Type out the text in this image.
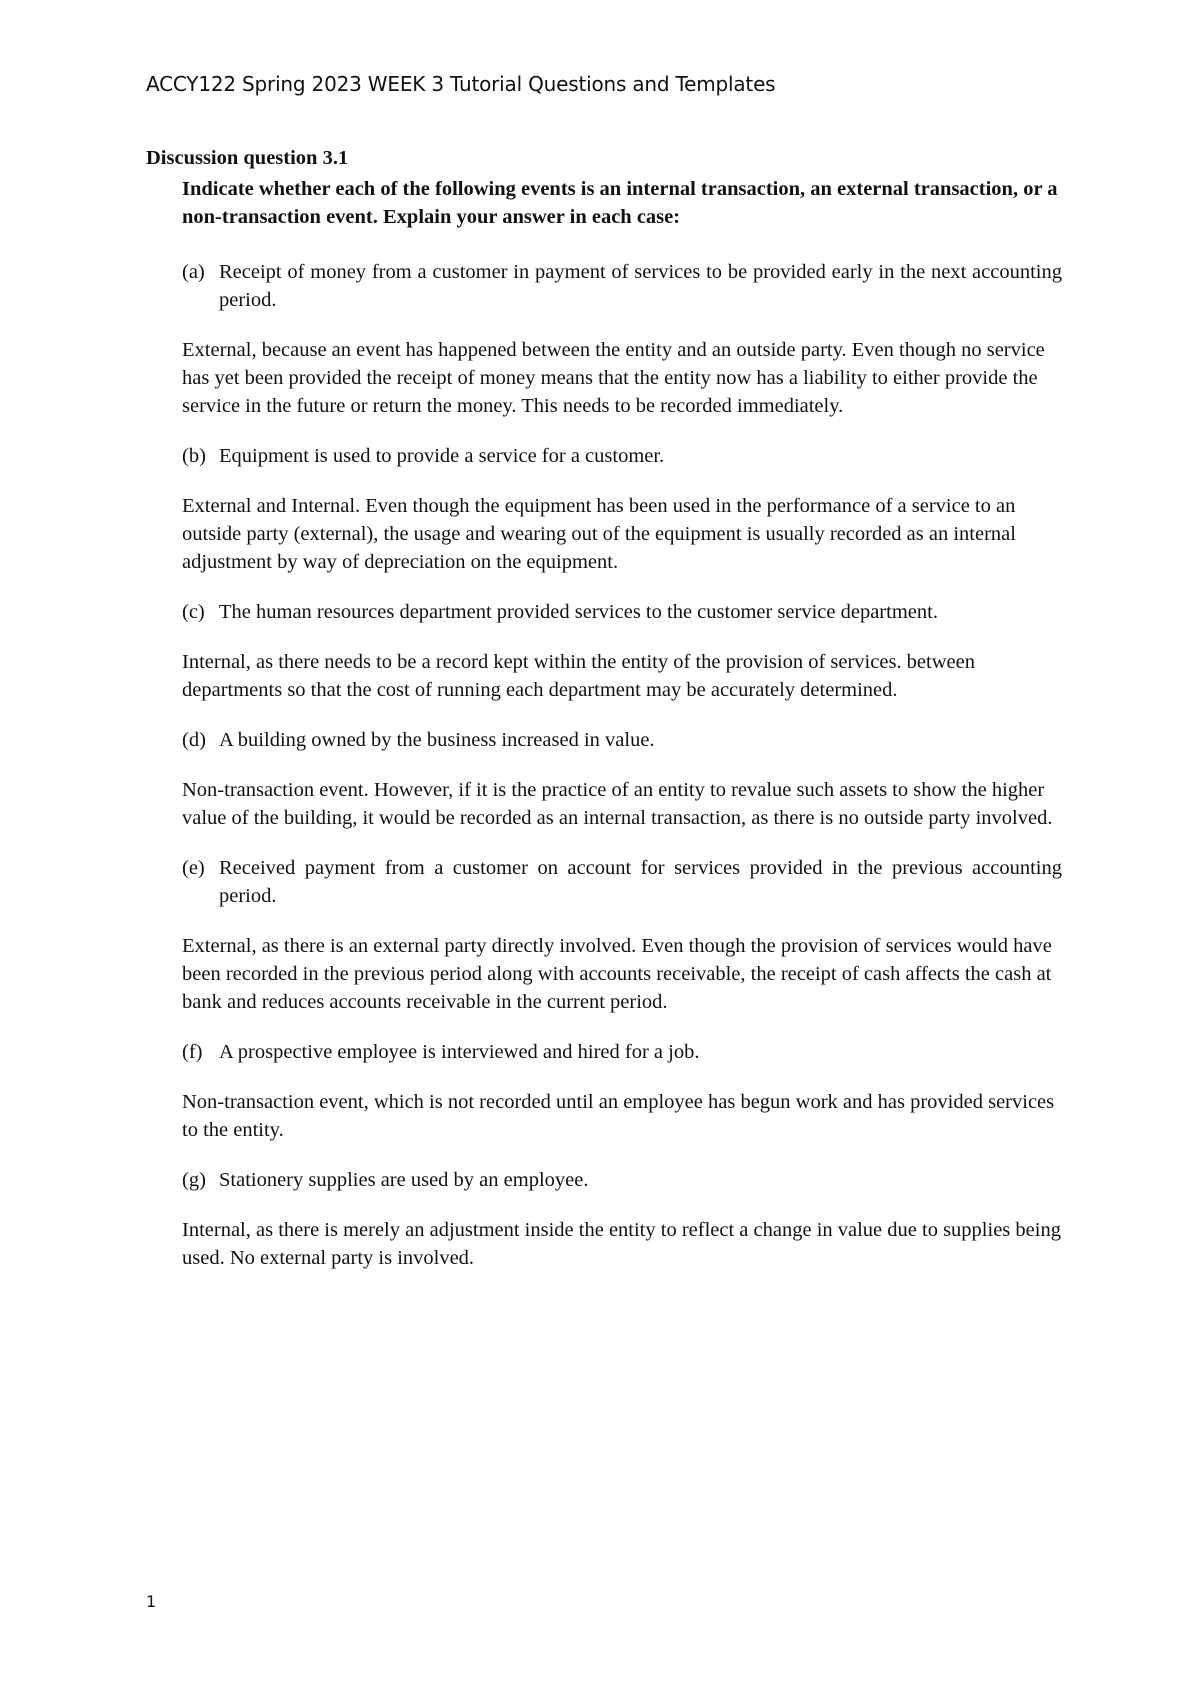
ACCY122 Spring 2023 WEEK 3 Tutorial Questions and Templates
Discussion question 3.1
Indicate whether each of the following events is an internal transaction, an external transaction, or a non-transaction event. Explain your answer in each case:
(a) Receipt of money from a customer in payment of services to be provided early in the next accounting period.
External, because an event has happened between the entity and an outside party. Even though no service has yet been provided the receipt of money means that the entity now has a liability to either provide the service in the future or return the money. This needs to be recorded immediately.
(b) Equipment is used to provide a service for a customer.
External and Internal. Even though the equipment has been used in the performance of a service to an outside party (external), the usage and wearing out of the equipment is usually recorded as an internal adjustment by way of depreciation on the equipment.
(c) The human resources department provided services to the customer service department.
Internal, as there needs to be a record kept within the entity of the provision of services. between departments so that the cost of running each department may be accurately determined.
(d) A building owned by the business increased in value.
Non-transaction event. However, if it is the practice of an entity to revalue such assets to show the higher value of the building, it would be recorded as an internal transaction, as there is no outside party involved.
(e) Received payment from a customer on account for services provided in the previous accounting period.
External, as there is an external party directly involved. Even though the provision of services would have been recorded in the previous period along with accounts receivable, the receipt of cash affects the cash at bank and reduces accounts receivable in the current period.
(f) A prospective employee is interviewed and hired for a job.
Non-transaction event, which is not recorded until an employee has begun work and has provided services to the entity.
(g) Stationery supplies are used by an employee.
Internal, as there is merely an adjustment inside the entity to reflect a change in value due to supplies being used. No external party is involved.
1
